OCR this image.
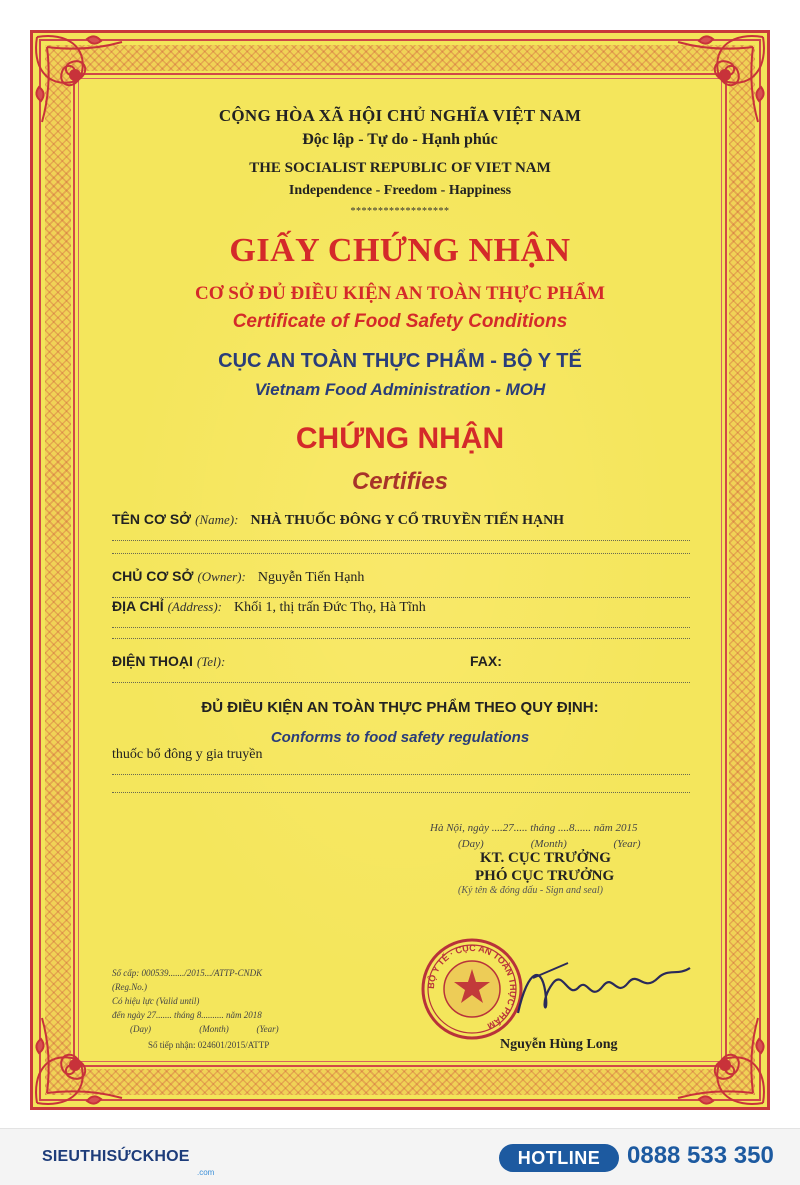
CỘNG HÒA XÃ HỘI CHỦ NGHĨA VIỆT NAM
Độc lập - Tự do - Hạnh phúc
THE SOCIALIST REPUBLIC OF VIET NAM
Independence - Freedom - Happiness
******************
GIẤY CHỨNG NHẬN
CƠ SỞ ĐỦ ĐIỀU KIỆN AN TOÀN THỰC PHẨM
Certificate of Food Safety Conditions
CỤC AN TOÀN THỰC PHẨM - BỘ Y TẾ
Vietnam Food Administration - MOH
CHỨNG NHẬN
Certifies
TÊN CƠ SỞ (Name): NHÀ THUỐC ĐÔNG Y CỔ TRUYỀN TIẾN HẠNH
CHỦ CƠ SỞ (Owner): Nguyễn Tiến Hạnh
ĐỊA CHỈ (Address): Khối 1, thị trấn Đức Thọ, Hà Tĩnh
ĐIỆN THOẠI (Tel):	FAX:
ĐỦ ĐIỀU KIỆN AN TOÀN THỰC PHẨM THEO QUY ĐỊNH:
Conforms to food safety regulations
thuốc bổ đông y gia truyền
Hà Nội, ngày ....27..... tháng ....8...... năm 2015
(Day)	(Month)	(Year)
KT. CỤC TRƯỞNG
PHÓ CỤC TRƯỞNG
(Ký tên & đóng dấu - Sign and seal)
BỘ Y TẾ · CỤC AN TOÀN THỰC PHẨM
Nguyễn Hùng Long
Số cấp: 000539......./2015.../ATTP-CNDK
(Reg.No.)
Có hiệu lực (Valid until)
đến ngày 27....... tháng 8.......... năm 2018
(Day)	(Month)	(Year)
Số tiếp nhận: 024601/2015/ATTP
SIEUTHISỨCKHOE
.com
HOTLINE	0888 533 350
